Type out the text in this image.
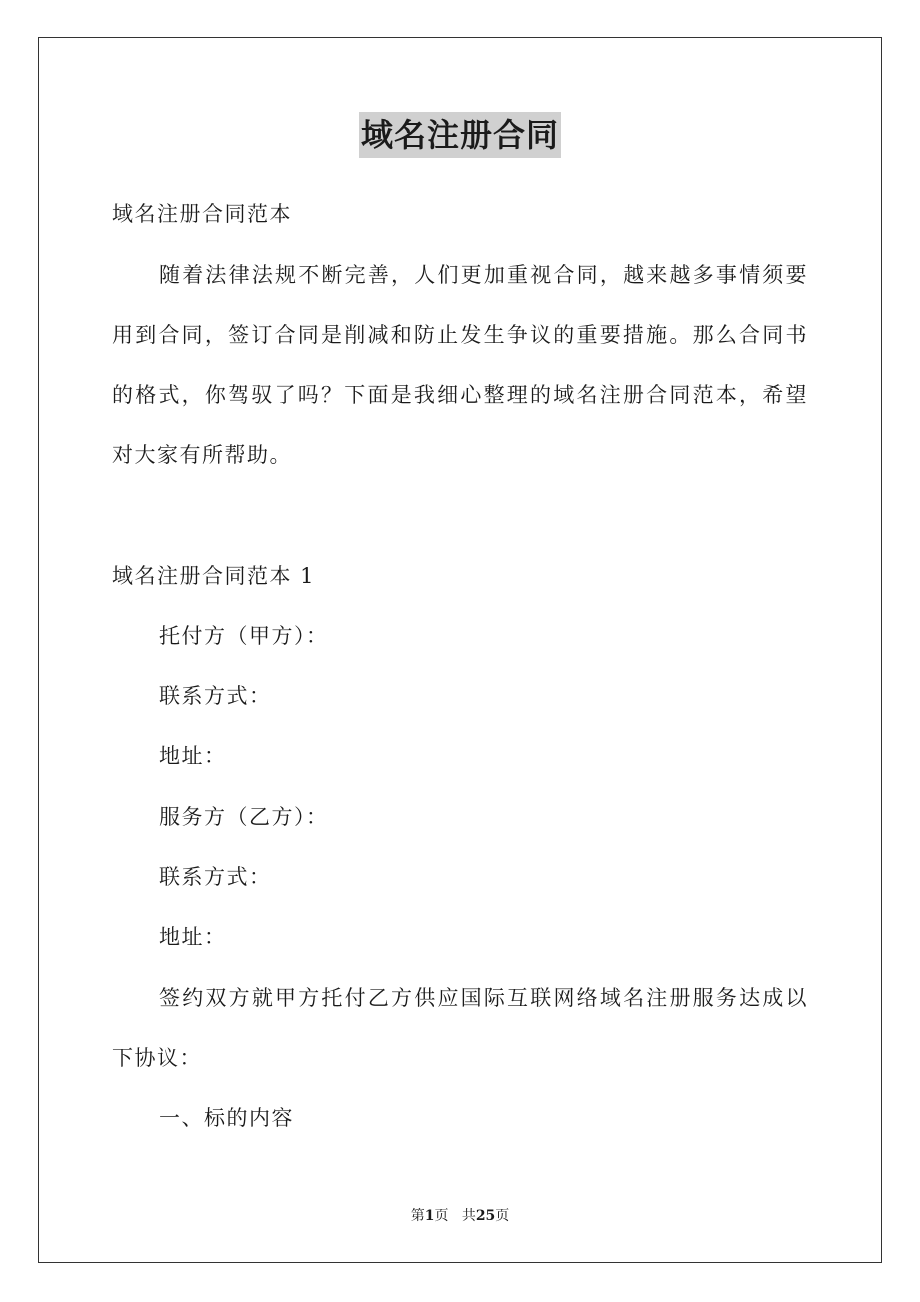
域名注册合同
域名注册合同范本
随着法律法规不断完善，人们更加重视合同，越来越多事情须要
用到合同，签订合同是削减和防止发生争议的重要措施。那么合同书
的格式，你驾驭了吗？下面是我细心整理的域名注册合同范本，希望
对大家有所帮助。
域名注册合同范本 1
托付方（甲方）：
联系方式：
地址：
服务方（乙方）：
联系方式：
地址：
签约双方就甲方托付乙方供应国际互联网络域名注册服务达成以
下协议：
一、标的内容
第1页 共25页
